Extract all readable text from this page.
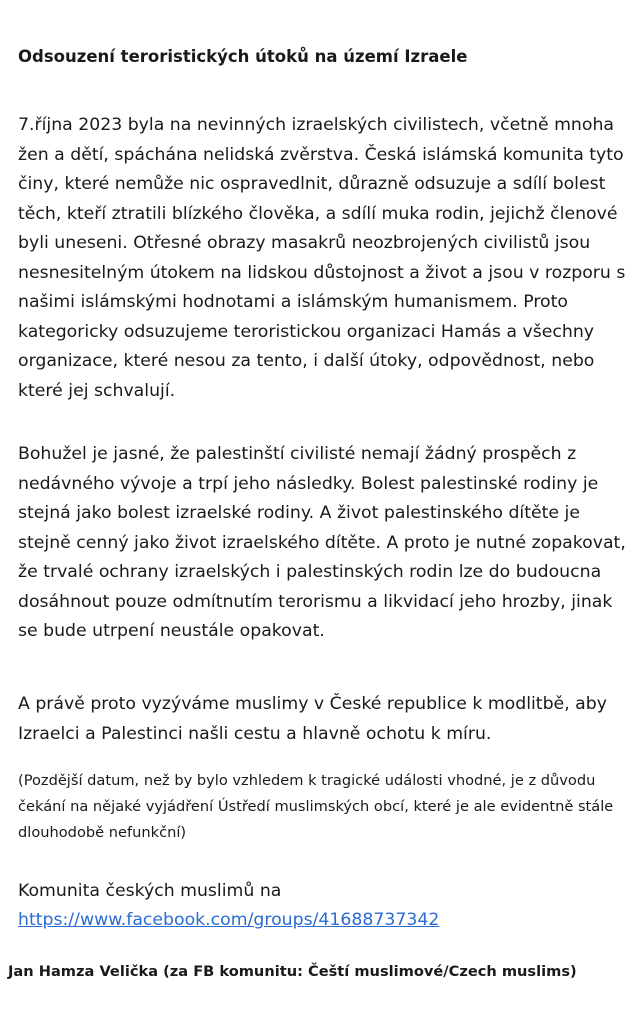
Odsouzení teroristických útoků na území Izraele

7.října 2023 byla na nevinných izraelských civilistech, včetně mnoha žen a dětí, spáchána nelidská zvěrstva. Česká islámská komunita tyto činy, které nemůže nic ospravedlnit, důrazně odsuzuje a sdílí bolest těch, kteří ztratili blízkého člověka, a sdílí muka rodin, jejichž členové byli uneseni. Otřesné obrazy masakrů neozbrojených civilistů jsou nesnesitelným útokem na lidskou důstojnost a život a jsou v rozporu s našimi islámskými hodnotami a islámským humanismem. Proto kategoricky odsuzujeme teroristickou organizaci Hamás a všechny organizace, které nesou za tento, i další útoky, odpovědnost, nebo které jej schvalují.

Bohužel je jasné, že palestinští civilisté nemají žádný prospěch z nedávného vývoje a trpí jeho následky. Bolest palestinské rodiny je stejná jako bolest izraelské rodiny. A život palestinského dítěte je stejně cenný jako život izraelského dítěte. A proto je nutné zopakovat, že trvalé ochrany izraelských i palestinských rodin lze do budoucna dosáhnout pouze odmítnutím terorismu a likvidací jeho hrozby, jinak se bude utrpení neustále opakovat.

A právě proto vyzýváme muslimy v České republice k modlitbě, aby Izraelci a Palestinci našli cestu a hlavně ochotu k míru.

(Pozdější datum, než by bylo vzhledem k tragické události vhodné, je z důvodu čekání na nějaké vyjádření Ústředí muslimských obcí, které je ale evidentně stále dlouhodobě nefunkční)

Komunita českých muslimů na

https://www.facebook.com/groups/41688737342

Jan Hamza Velička (za FB komunitu: Čeští muslimové/Czech muslims)
